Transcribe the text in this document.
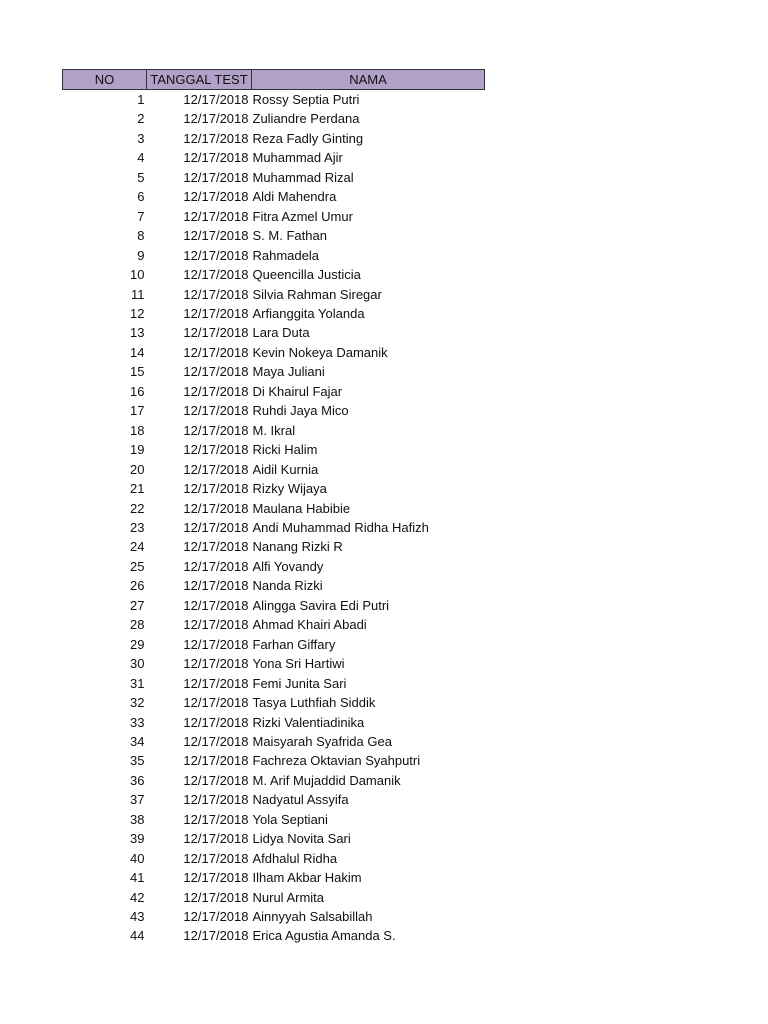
NO	TANGGAL TEST	NAMA
1	12/17/2018	Rossy Septia Putri
2	12/17/2018	Zuliandre Perdana
3	12/17/2018	Reza Fadly Ginting
4	12/17/2018	Muhammad Ajir
5	12/17/2018	Muhammad Rizal
6	12/17/2018	Aldi Mahendra
7	12/17/2018	Fitra Azmel Umur
8	12/17/2018	S. M. Fathan
9	12/17/2018	Rahmadela
10	12/17/2018	Queencilla Justicia
11	12/17/2018	Silvia Rahman Siregar
12	12/17/2018	Arfianggita Yolanda
13	12/17/2018	Lara Duta
14	12/17/2018	Kevin Nokeya Damanik
15	12/17/2018	Maya Juliani
16	12/17/2018	Di Khairul Fajar
17	12/17/2018	Ruhdi Jaya Mico
18	12/17/2018	M. Ikral
19	12/17/2018	Ricki Halim
20	12/17/2018	Aidil Kurnia
21	12/17/2018	Rizky Wijaya
22	12/17/2018	Maulana Habibie
23	12/17/2018	Andi Muhammad Ridha Hafizh
24	12/17/2018	Nanang Rizki R
25	12/17/2018	Alfi Yovandy
26	12/17/2018	Nanda Rizki
27	12/17/2018	Alingga Savira Edi Putri
28	12/17/2018	Ahmad Khairi Abadi
29	12/17/2018	Farhan Giffary
30	12/17/2018	Yona Sri Hartiwi
31	12/17/2018	Femi Junita Sari
32	12/17/2018	Tasya Luthfiah Siddik
33	12/17/2018	Rizki Valentiadinika
34	12/17/2018	Maisyarah Syafrida Gea
35	12/17/2018	Fachreza Oktavian Syahputri
36	12/17/2018	M. Arif Mujaddid Damanik
37	12/17/2018	Nadyatul Assyifa
38	12/17/2018	Yola Septiani
39	12/17/2018	Lidya Novita Sari
40	12/17/2018	Afdhalul Ridha
41	12/17/2018	Ilham Akbar Hakim
42	12/17/2018	Nurul Armita
43	12/17/2018	Ainnyyah Salsabillah
44	12/17/2018	Erica Agustia Amanda S.
